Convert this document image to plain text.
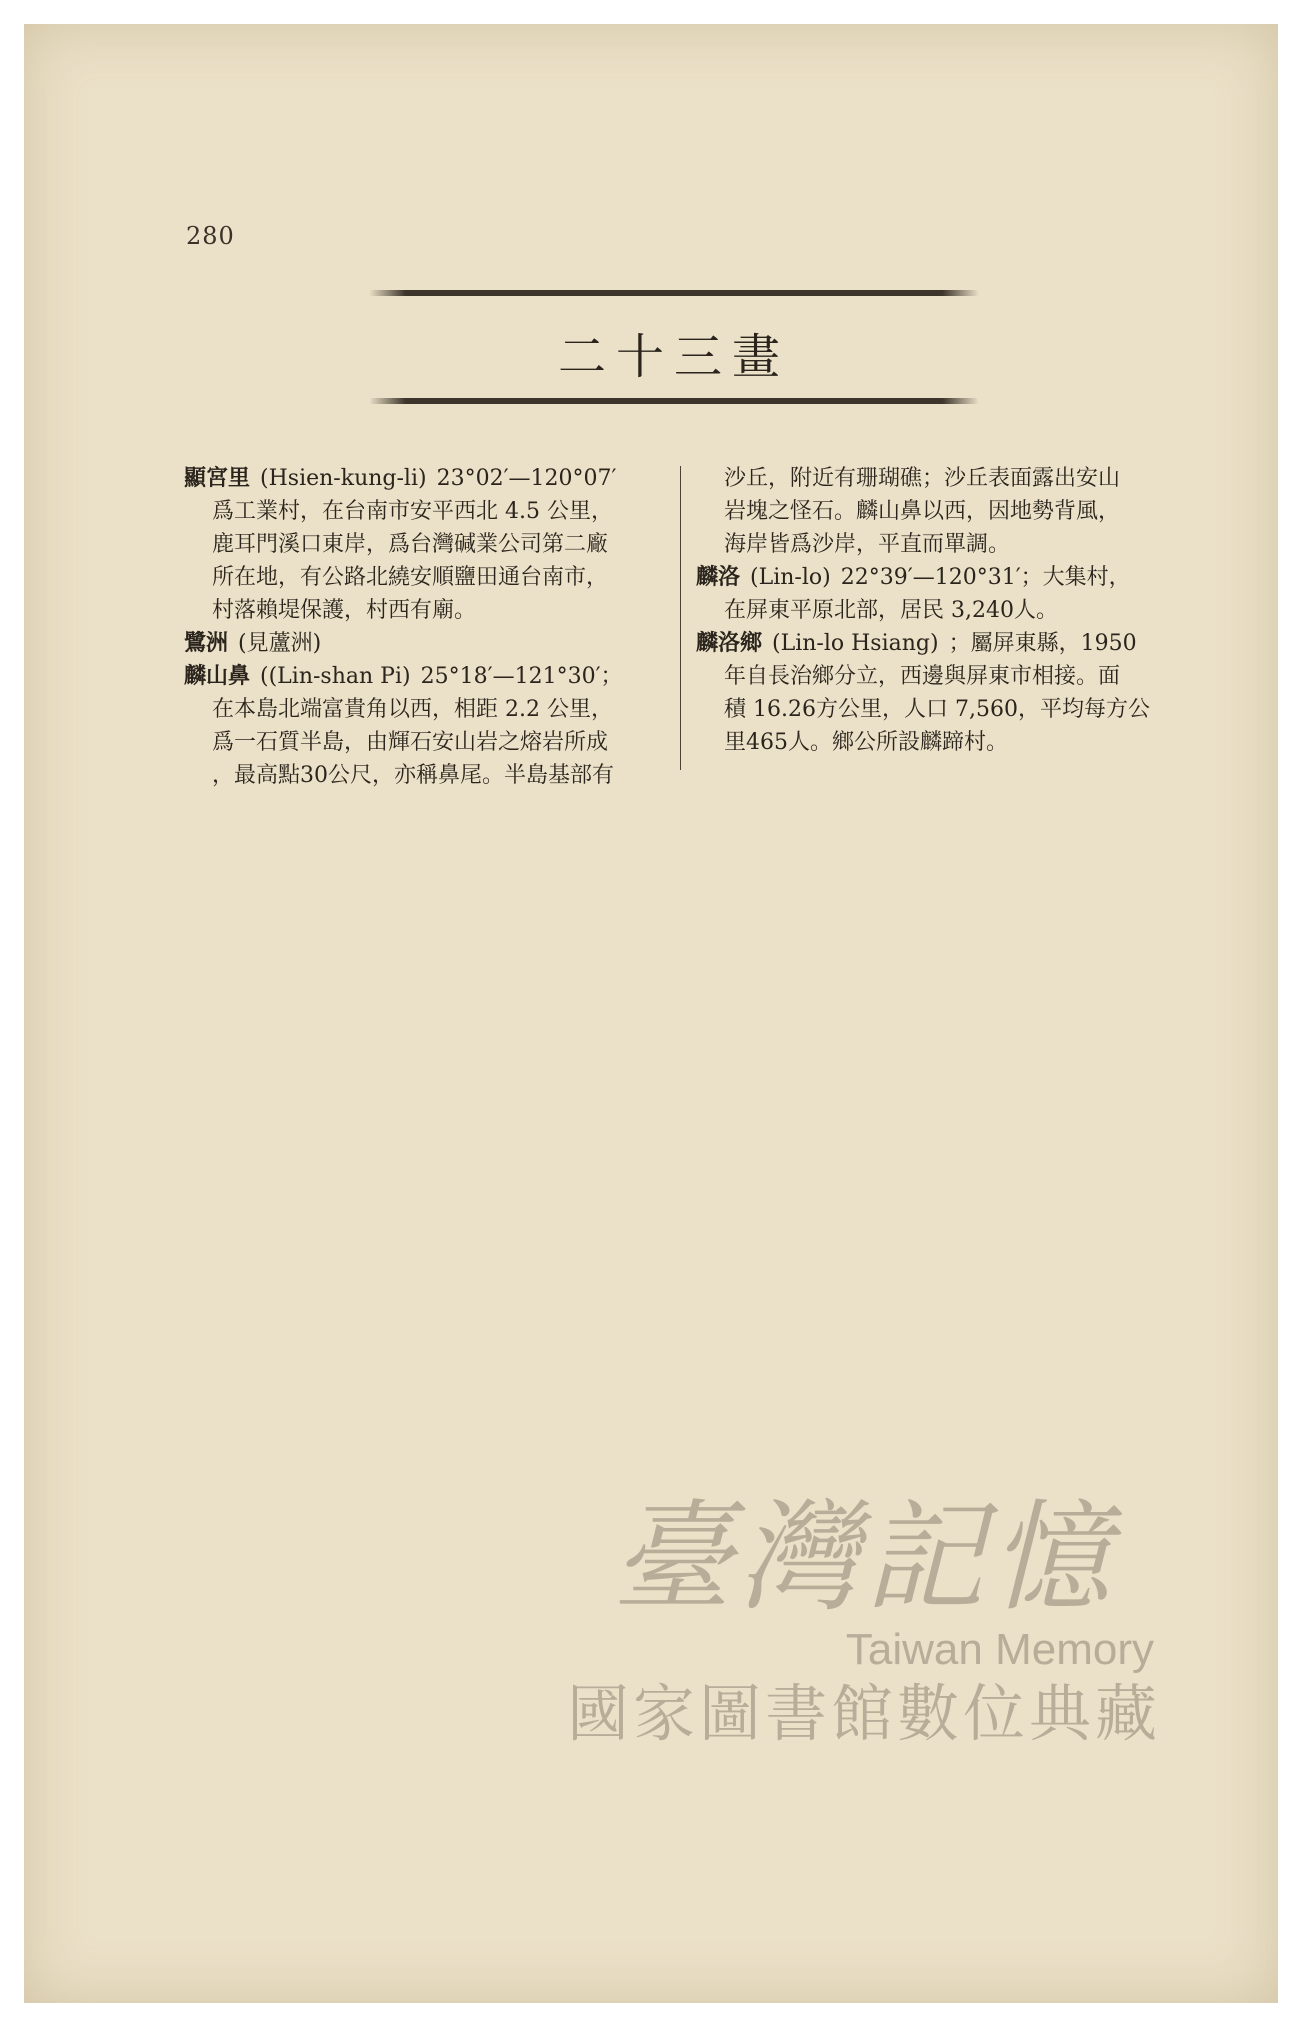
280
二十三畫

顯宮里 (Hsien-kung-li) 23°02′—120°07′
爲工業村，在台南市安平西北 4.5 公里，
鹿耳門溪口東岸，爲台灣碱業公司第二廠
所在地，有公路北繞安順鹽田通台南市，
村落賴堤保護，村西有廟。

鷺洲 (見蘆洲)

麟山鼻 ((Lin-shan Pi) 25°18′—121°30′；
在本島北端富貴角以西，相距 2.2 公里，
爲一石質半島，由輝石安山岩之熔岩所成
，最高點30公尺，亦稱鼻尾。半島基部有

沙丘，附近有珊瑚礁；沙丘表面露出安山
岩塊之怪石。麟山鼻以西，因地勢背風，
海岸皆爲沙岸，平直而單調。

麟洛 (Lin-lo) 22°39′—120°31′；大集村，
在屏東平原北部，居民 3,240人。

麟洛鄉 (Lin-lo Hsiang) ；屬屏東縣，1950
年自長治鄉分立，西邊與屏東市相接。面
積 16.26方公里，人口 7,560，平均每方公
里465人。鄉公所設麟蹄村。

臺灣記憶
Taiwan Memory
國家圖書館數位典藏
